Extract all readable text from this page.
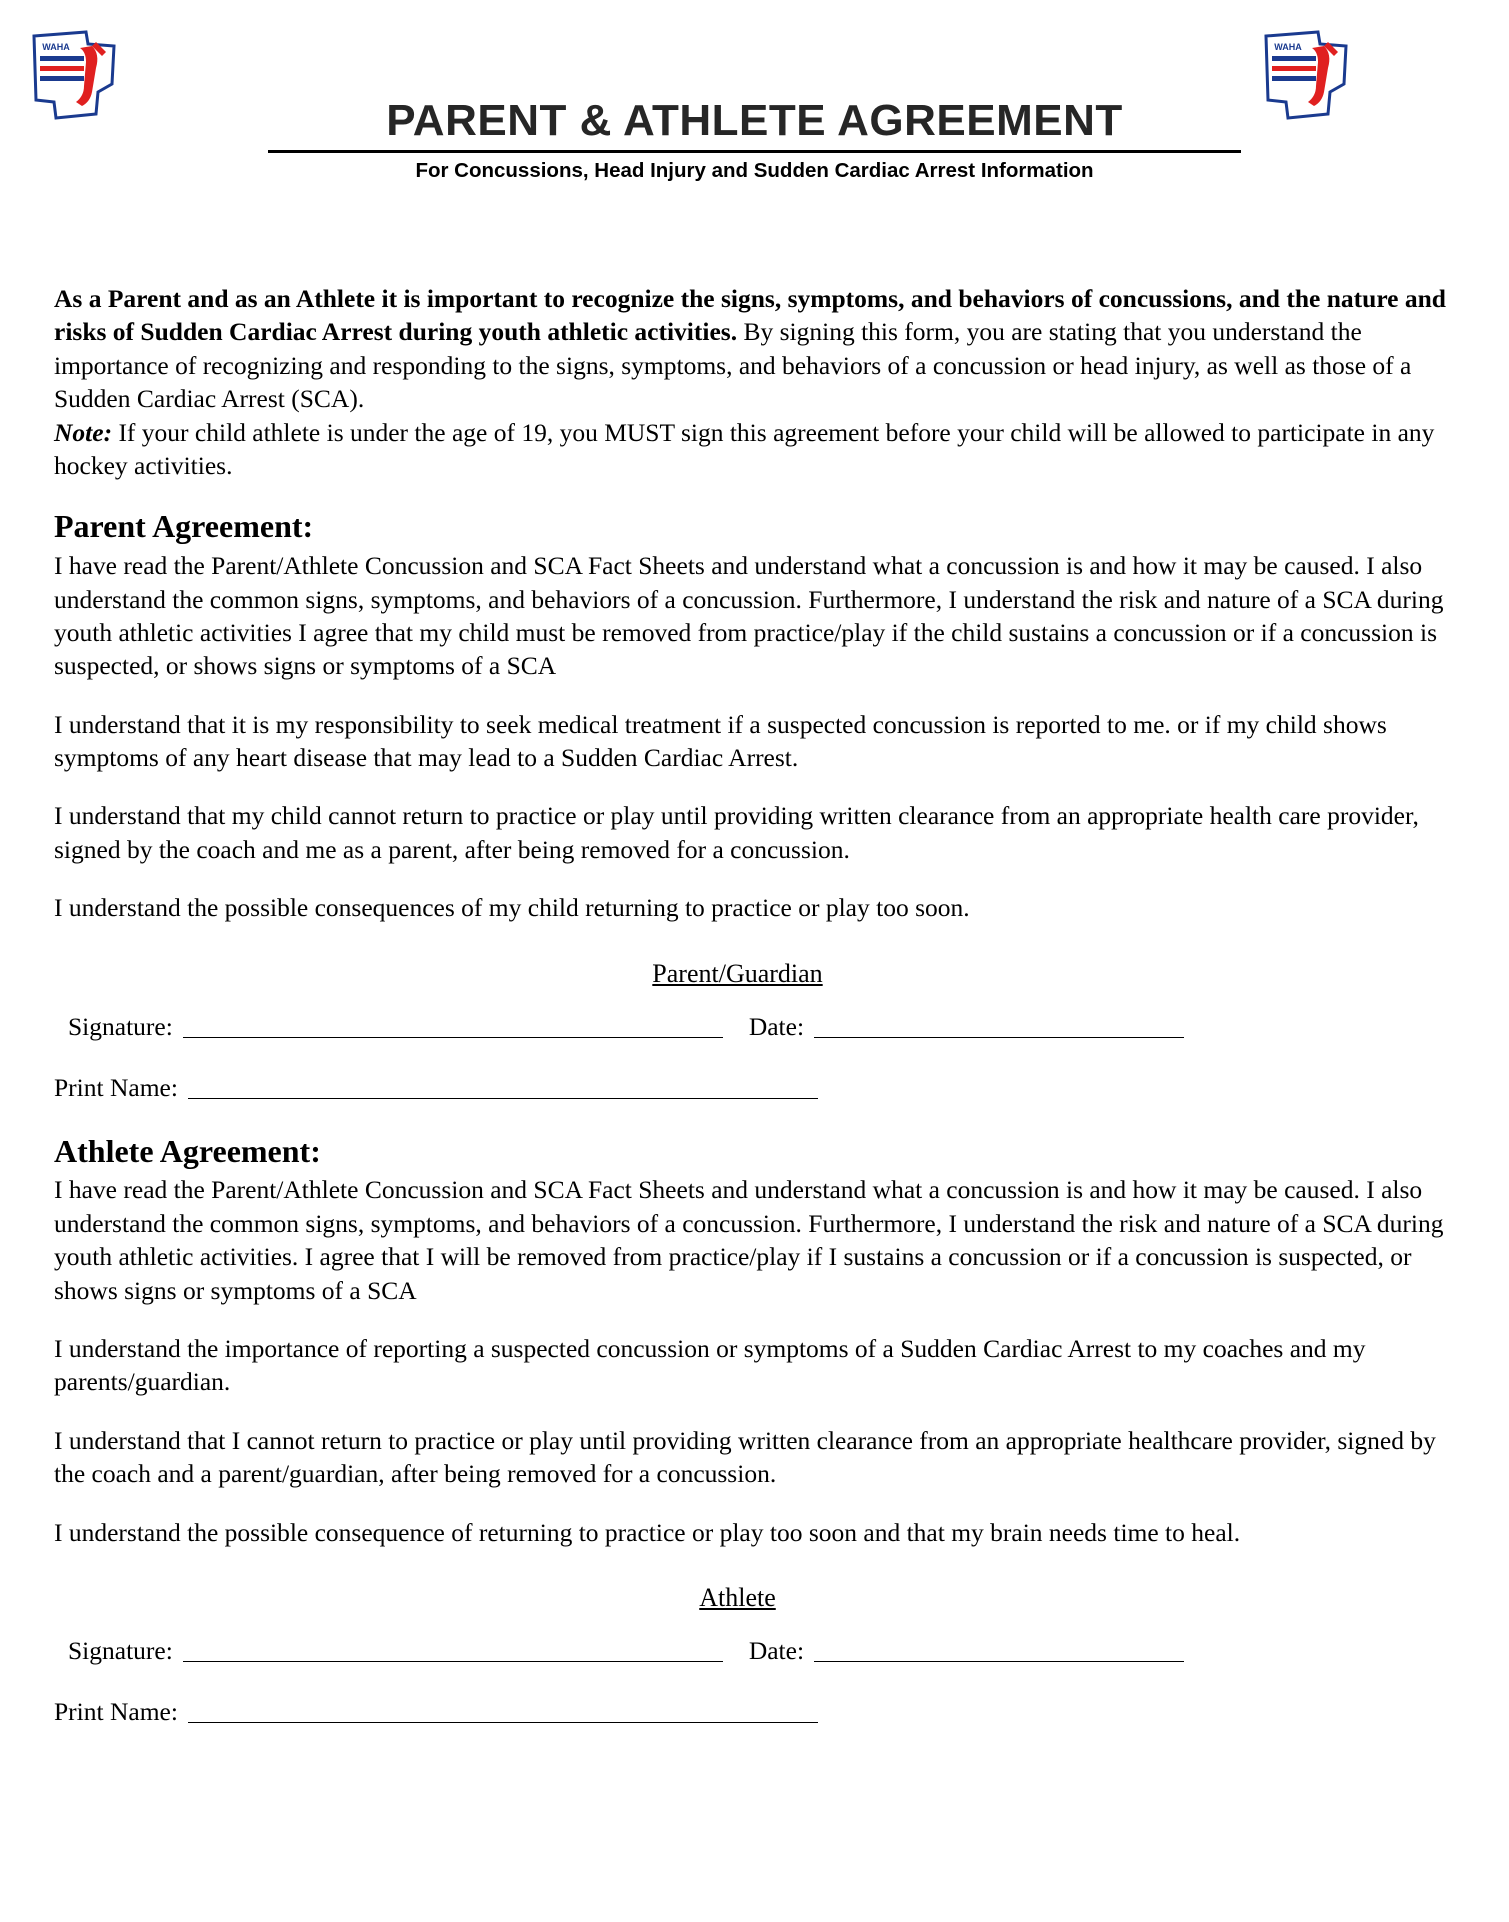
WAHA	WAHA
PARENT & ATHLETE AGREEMENT
For Concussions, Head Injury and Sudden Cardiac Arrest Information

As a Parent and as an Athlete it is important to recognize the signs, symptoms, and behaviors of concussions, and the nature and risks of Sudden Cardiac Arrest during youth athletic activities. By signing this form, you are stating that you understand the importance of recognizing and responding to the signs, symptoms, and behaviors of a concussion or head injury, as well as those of a Sudden Cardiac Arrest (SCA).

Note: If your child athlete is under the age of 19, you MUST sign this agreement before your child will be allowed to participate in any hockey activities.

Parent Agreement:

I have read the Parent/Athlete Concussion and SCA Fact Sheets and understand what a concussion is and how it may be caused. I also understand the common signs, symptoms, and behaviors of a concussion. Furthermore, I understand the risk and nature of a SCA during youth athletic activities I agree that my child must be removed from practice/play if the child sustains a concussion or if a concussion is suspected, or shows signs or symptoms of a SCA

I understand that it is my responsibility to seek medical treatment if a suspected concussion is reported to me. or if my child shows symptoms of any heart disease that may lead to a Sudden Cardiac Arrest.

I understand that my child cannot return to practice or play until providing written clearance from an appropriate health care provider, signed by the coach and me as a parent, after being removed for a concussion.

I understand the possible consequences of my child returning to practice or play too soon.

Parent/Guardian
Signature:	Date:
Print Name:
Athlete Agreement:

I have read the Parent/Athlete Concussion and SCA Fact Sheets and understand what a concussion is and how it may be caused. I also understand the common signs, symptoms, and behaviors of a concussion. Furthermore, I understand the risk and nature of a SCA during youth athletic activities. I agree that I will be removed from practice/play if I sustains a concussion or if a concussion is suspected, or shows signs or symptoms of a SCA

I understand the importance of reporting a suspected concussion or symptoms of a Sudden Cardiac Arrest to my coaches and my parents/guardian.

I understand that I cannot return to practice or play until providing written clearance from an appropriate healthcare provider, signed by the coach and a parent/guardian, after being removed for a concussion.

I understand the possible consequence of returning to practice or play too soon and that my brain needs time to heal.

Athlete
Signature:	Date:
Print Name:
